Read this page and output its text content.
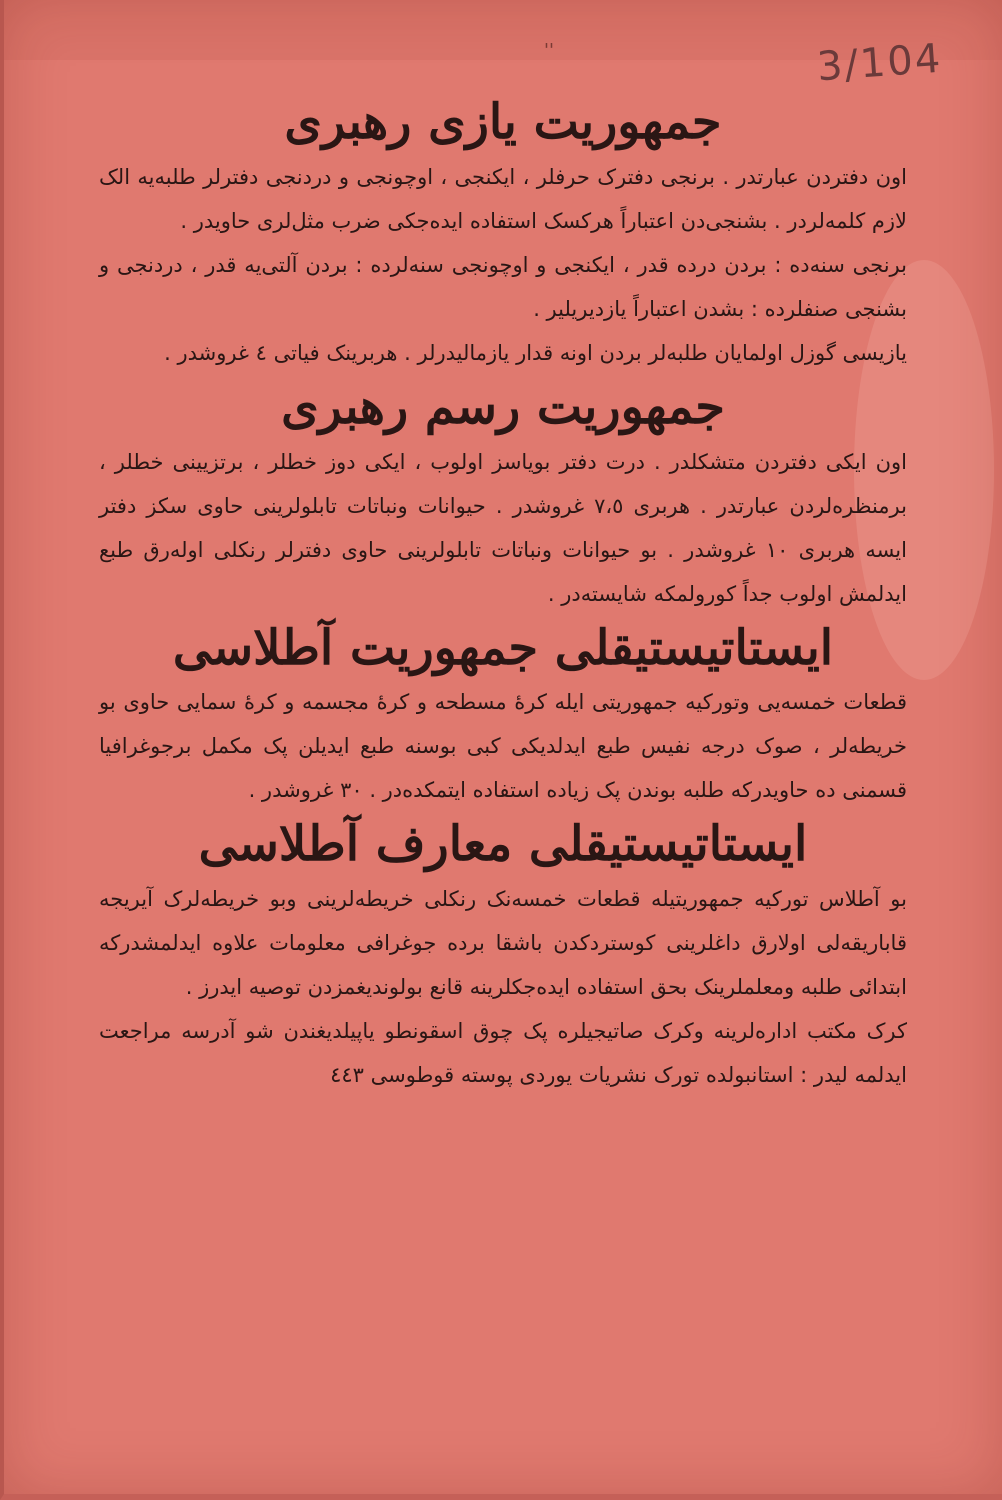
''	3/104
جمهوریت یازی رهبری

اون دفتردن عبارتدر . برنجی دفترک حرفلر ، ایکنجی ، اوچونجی و دردنجی دفترلر طلبه‌یه الک لازم کلمه‌لردر . بشنجی‌دن اعتباراً هرکسک استفاده ایده‌جکی ضرب مثل‌لری حاویدر .

برنجی سنه‌ده : بردن دردە قدر ، ایکنجی و اوچونجی سنه‌لرده : بردن آلتی‌یه قدر ، دردنجی و بشنجی صنفلرده : بشدن اعتباراً یازدیریلیر .

یازیسی گوزل اولمایان طلبه‌لر بردن اونه قدار یازمالیدرلر . هربرینک فیاتی ٤ غروشدر .

جمهوریت رسم رهبری

اون ایکی دفتردن متشکلدر . درت دفتر بویاسز اولوب ، ایکی دوز خطلر ، برتزیینی خطلر ، برمنظره‌لردن عبارتدر . هربری ٧،٥ غروشدر . حیوانات ونباتات تابلولرینی حاوی سکز دفتر ایسه هربری ١٠ غروشدر . بو حیوانات ونباتات تابلولرینی حاوی دفترلر رنکلی اوله‌رق طبع ایدلمش اولوب جداً کورولمکه شایسته‌در .

ایستاتیستیقلی جمهوریت آطلاسی

قطعات خمسه‌یی وتورکیه جمهوریتی ایله کرهٔ مسطحه و کرهٔ مجسمه و کرهٔ سمایی حاوی بو خریطه‌لر ، صوک درجه نفیس طبع ایدلدیکی کبی بوسنه طبع ایدیلن پک مکمل برجوغرافیا قسمنی ده حاویدرکه طلبه بوندن پک زیاده استفاده ایتمکده‌در . ٣٠ غروشدر .

ایستاتیستیقلی معارف آطلاسی

بو آطلاس تورکیه جمهوریتیله قطعات خمسه‌نک رنکلی خریطه‌لرینی وبو خریطه‌لرک آیریجه قاباریقه‌لی اولارق داغلرینی کوستردکدن باشقا برده جوغرافی معلومات علاوه ایدلمشدرکه ابتدائی طلبه ومعلملرینک بحق استفاده ایده‌جکلرینه قانع بولوندیغمزدن توصیه ایدرز .

کرک مکتب اداره‌لرینه وکرک صاتیجیلره پک چوق اسقونطو یاپیلدیغندن شو آدرسه مراجعت ایدلمه لیدر : استانبولده تورک نشریات یوردی پوسته قوطوسی ٤٤٣
